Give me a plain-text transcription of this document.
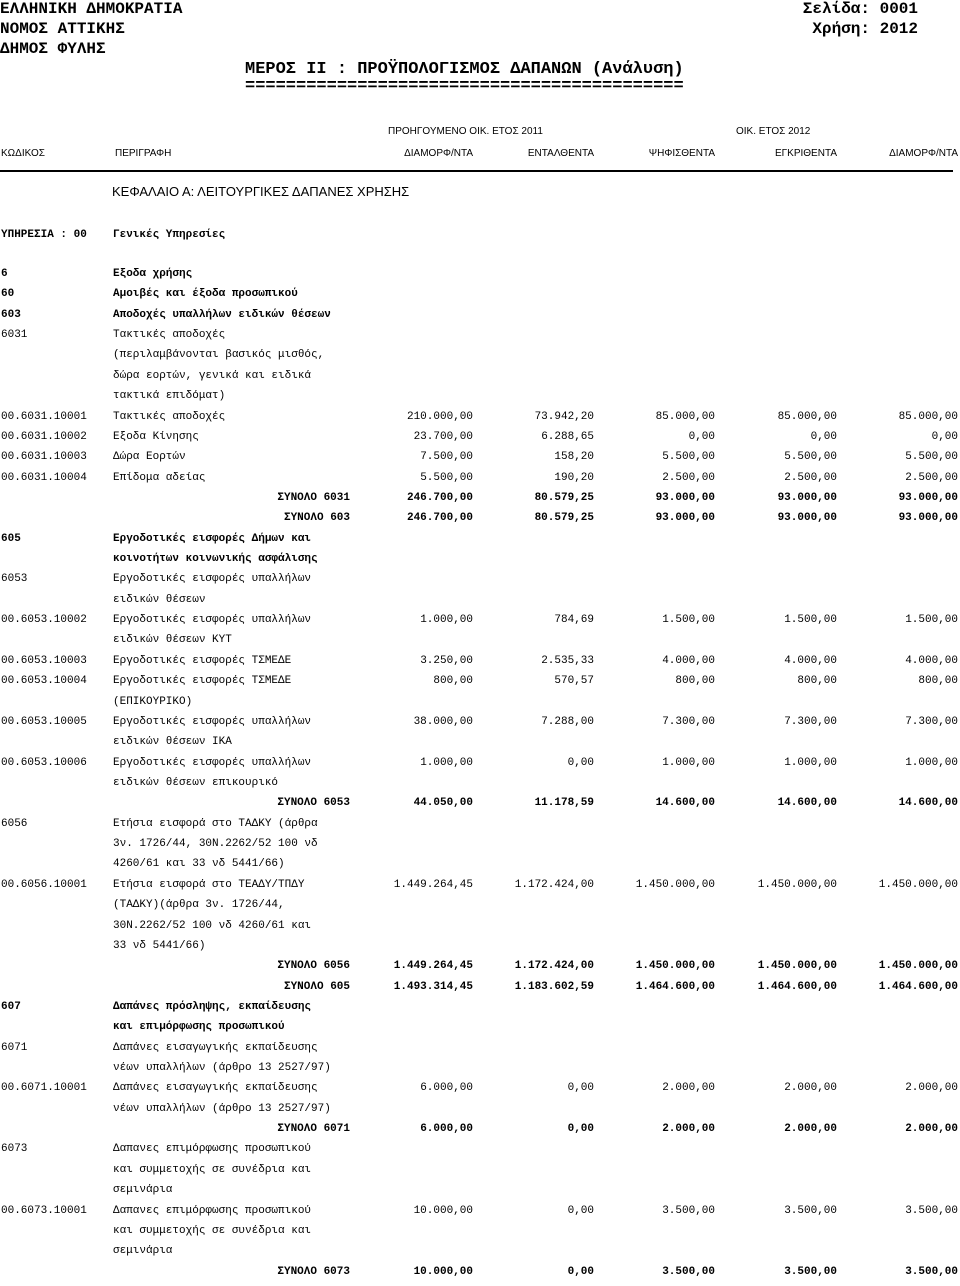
ΕΛΛΗΝΙΚΗ ΔΗΜΟΚΡΑΤΙΑ
ΝΟΜΟΣ ΑΤΤΙΚΗΣ
ΔΗΜΟΣ ΦΥΛΗΣ
Σελίδα: 0001
Χρήση: 2012
ΜΕΡΟΣ ΙΙ : ΠΡΟΫΠΟΛΟΓΙΣΜΟΣ ΔΑΠΑΝΩΝ (Ανάλυση)
===========================================
ΠΡΟΗΓΟΥΜΕΝΟ ΟΙΚ. ΕΤΟΣ 2011	ΟΙΚ. ΕΤΟΣ 2012
ΚΩΔΙΚΟΣ	ΠΕΡΙΓΡΑΦΗ	ΔΙΑΜΟΡΦ/ΝΤΑ	ΕΝΤΑΛΘΕΝΤΑ	ΨΗΦΙΣΘΕΝΤΑ	ΕΓΚΡΙΘΕΝΤΑ	ΔΙΑΜΟΡΦ/ΝΤΑ
ΚΕΦΑΛΑΙΟ Α: ΛΕΙΤΟΥΡΓΙΚΕΣ ΔΑΠΑΝΕΣ ΧΡΗΣΗΣ
ΥΠΗΡΕΣΙΑ : 00 Γενικές Υπηρεσίες
6	Εξοδα χρήσης
60	Αμοιβές και έξοδα προσωπικού
603	Αποδοχές υπαλλήλων ειδικών θέσεων
6031	Τακτικές αποδοχές
(περιλαμβάνονται βασικός μισθός,
δώρα εορτών, γενικά και ειδικά
τακτικά επιδόματ)
00.6031.10001 Τακτικές αποδοχές	210.000,00	73.942,20	85.000,00	85.000,00	85.000,00
00.6031.10002 Εξοδα Κίνησης	23.700,00	6.288,65	0,00	0,00	0,00
00.6031.10003 Δώρα Εορτών	7.500,00	158,20	5.500,00	5.500,00	5.500,00
00.6031.10004 Επίδομα αδείας	5.500,00	190,20	2.500,00	2.500,00	2.500,00
ΣΥΝΟΛΟ 6031	246.700,00	80.579,25	93.000,00	93.000,00	93.000,00
ΣΥΝΟΛΟ 603	246.700,00	80.579,25	93.000,00	93.000,00	93.000,00
605	Εργοδοτικές εισφορές Δήμων και
κοινοτήτων κοινωνικής ασφάλισης
6053	Εργοδοτικές εισφορές υπαλλήλων
ειδικών θέσεων
00.6053.10002 Εργοδοτικές εισφορές υπαλλήλων	1.000,00	784,69	1.500,00	1.500,00	1.500,00
ειδικών θέσεων ΚΥΤ
00.6053.10003 Εργοδοτικές εισφορές ΤΣΜΕΔΕ	3.250,00	2.535,33	4.000,00	4.000,00	4.000,00
00.6053.10004 Εργοδοτικές εισφορές ΤΣΜΕΔΕ	800,00	570,57	800,00	800,00	800,00
(ΕΠΙΚΟΥΡΙΚΟ)
00.6053.10005 Εργοδοτικές εισφορές υπαλλήλων	38.000,00	7.288,00	7.300,00	7.300,00	7.300,00
ειδικών θέσεων ΙΚΑ
00.6053.10006 Εργοδοτικές εισφορές υπαλλήλων	1.000,00	0,00	1.000,00	1.000,00	1.000,00
ειδικών θέσεων επικουρικό
ΣΥΝΟΛΟ 6053	44.050,00	11.178,59	14.600,00	14.600,00	14.600,00
6056	Ετήσια εισφορά στο ΤΑΔΚΥ (άρθρα
3ν. 1726/44, 30Ν.2262/52 100 νδ
4260/61 και 33 νδ 5441/66)
00.6056.10001 Ετήσια εισφορά στο ΤΕΑΔΥ/ΤΠΔΥ	1.449.264,45	1.172.424,00	1.450.000,00	1.450.000,00	1.450.000,00
(ΤΑΔΚΥ)(άρθρα 3ν. 1726/44,
30Ν.2262/52 100 νδ 4260/61 και
33 νδ 5441/66)
ΣΥΝΟΛΟ 6056	1.449.264,45	1.172.424,00	1.450.000,00	1.450.000,00	1.450.000,00
ΣΥΝΟΛΟ 605	1.493.314,45	1.183.602,59	1.464.600,00	1.464.600,00	1.464.600,00
607	Δαπάνες πρόσληψης, εκπαίδευσης
και επιμόρφωσης προσωπικού
6071	Δαπάνες εισαγωγικής εκπαίδευσης
νέων υπαλλήλων (άρθρο 13 2527/97)
00.6071.10001 Δαπάνες εισαγωγικής εκπαίδευσης	6.000,00	0,00	2.000,00	2.000,00	2.000,00
νέων υπαλλήλων (άρθρο 13 2527/97)
ΣΥΝΟΛΟ 6071	6.000,00	0,00	2.000,00	2.000,00	2.000,00
6073	Δαπανες επιμόρφωσης προσωπικού
και συμμετοχής σε συνέδρια και
σεμινάρια
00.6073.10001 Δαπανες επιμόρφωσης προσωπικού	10.000,00	0,00	3.500,00	3.500,00	3.500,00
και συμμετοχής σε συνέδρια και
σεμινάρια
ΣΥΝΟΛΟ 6073	10.000,00	0,00	3.500,00	3.500,00	3.500,00
